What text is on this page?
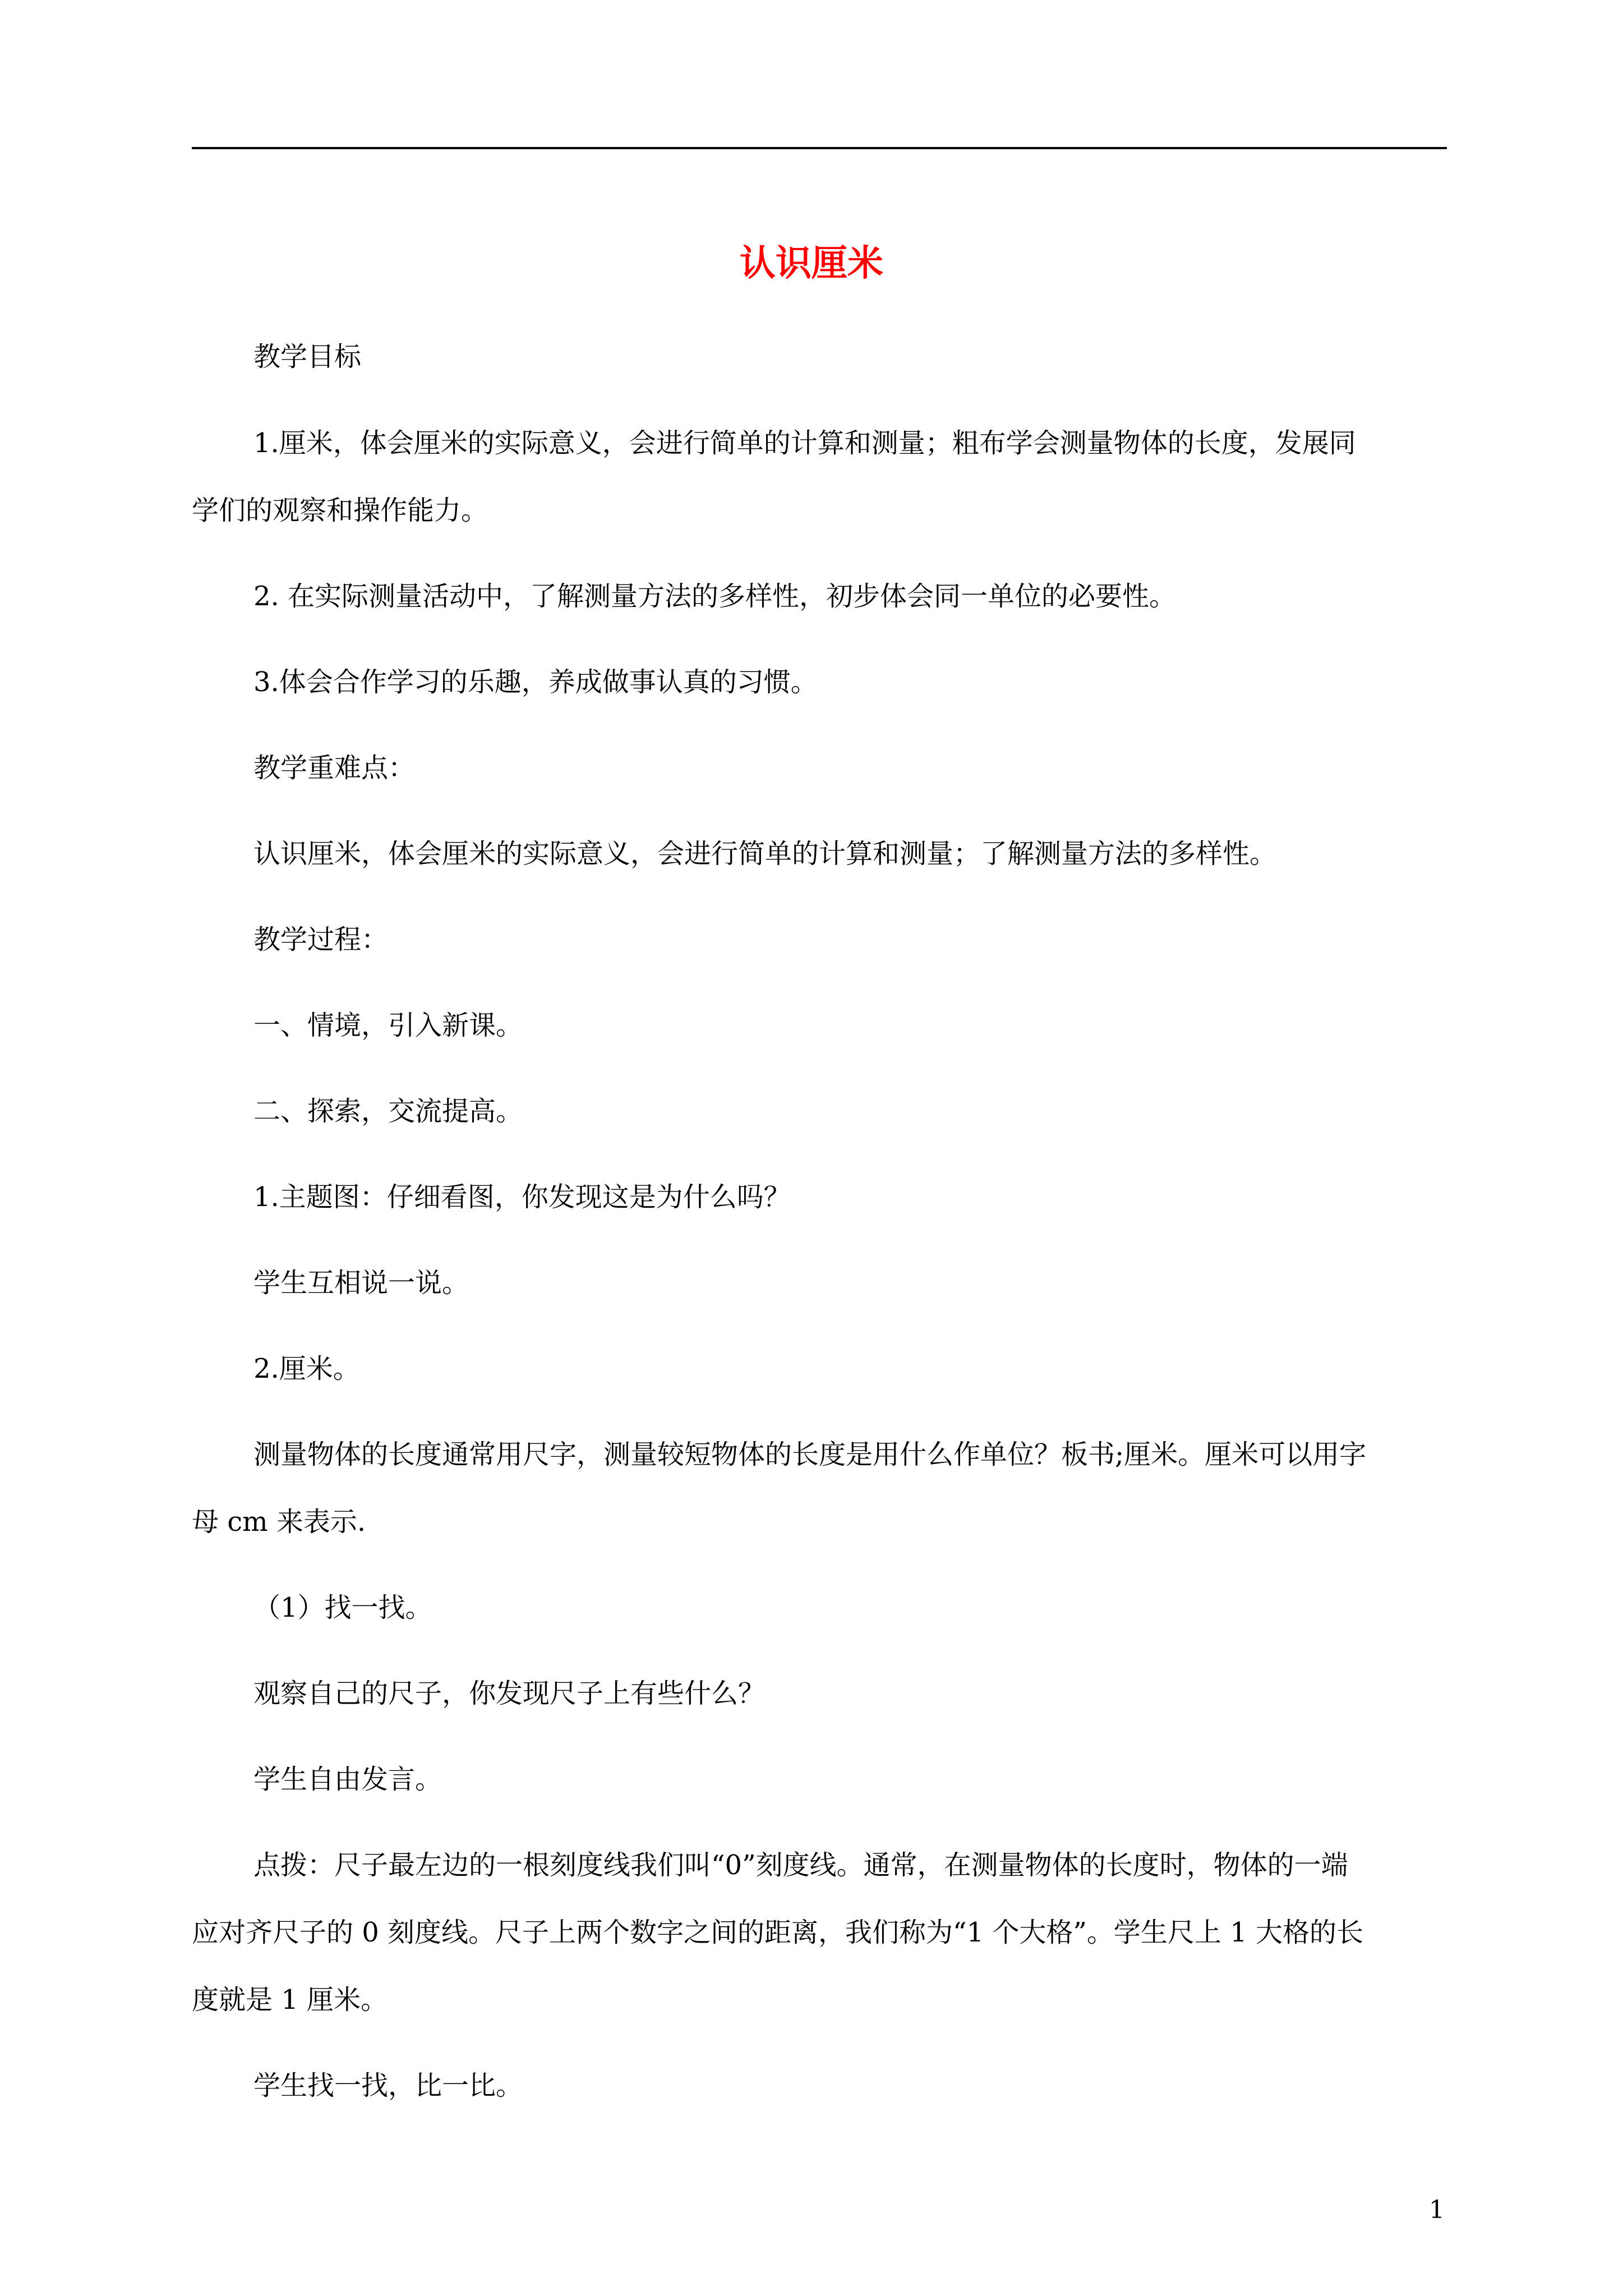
认识厘米

教学目标

1.厘米，体会厘米的实际意义，会进行简单的计算和测量；粗布学会测量物体的长度，发展同

学们的观察和操作能力。

2. 在实际测量活动中，了解测量方法的多样性，初步体会同一单位的必要性。

3.体会合作学习的乐趣，养成做事认真的习惯。

教学重难点：

认识厘米，体会厘米的实际意义，会进行简单的计算和测量；了解测量方法的多样性。

教学过程：

一、情境，引入新课。

二、探索，交流提高。

1.主题图：仔细看图，你发现这是为什么吗？

学生互相说一说。

2.厘米。

测量物体的长度通常用尺字，测量较短物体的长度是用什么作单位？板书;厘米。厘米可以用字

母 cm 来表示.

（1）找一找。

观察自己的尺子，你发现尺子上有些什么？

学生自由发言。

点拨：尺子最左边的一根刻度线我们叫“0”刻度线。通常，在测量物体的长度时，物体的一端

应对齐尺子的 0 刻度线。尺子上两个数字之间的距离，我们称为“1 个大格”。学生尺上 1 大格的长

度就是 1 厘米。

学生找一找，比一比。

1
